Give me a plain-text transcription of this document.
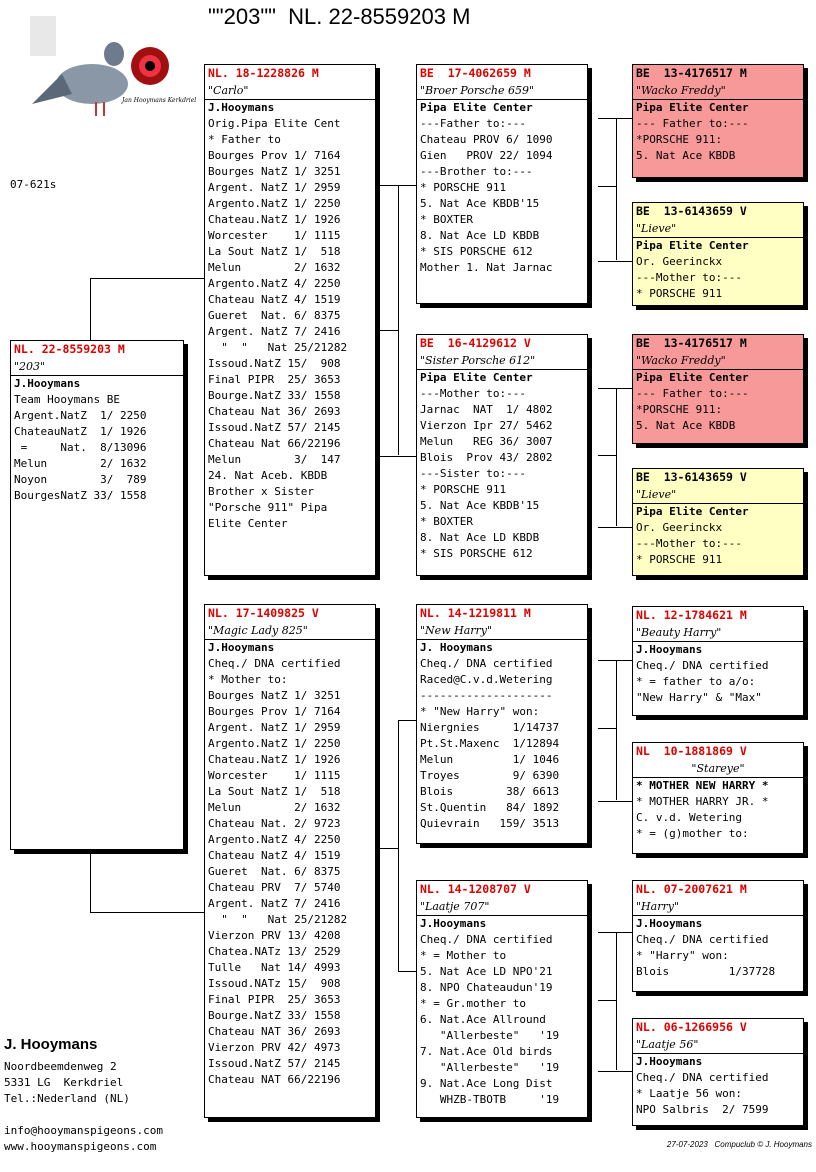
""203""  NL. 22-8559203 M
Jan Hooymans Kerkdriel
07-621s
NL. 22-8559203 M
"203"
J.Hooymans
Team Hooymans BE
Argent.NatZ  1/ 2250
ChateauNatZ  1/ 1926
=     Nat.  8/13096
Melun        2/ 1632
Noyon        3/  789
BourgesNatZ 33/ 1558
NL. 18-1228826 M
"Carlo"
J.Hooymans
Orig.Pipa Elite Cent
* Father to
Bourges Prov 1/ 7164
Bourges NatZ 1/ 3251
Argent. NatZ 1/ 2959
Argento.NatZ 1/ 2250
Chateau.NatZ 1/ 1926
Worcester    1/ 1115
La Sout NatZ 1/  518
Melun        2/ 1632
Argento.NatZ 4/ 2250
Chateau NatZ 4/ 1519
Gueret  Nat. 6/ 8375
Argent. NatZ 7/ 2416
"  "   Nat 25/21282
Issoud.NatZ 15/  908
Final PIPR  25/ 3653
Bourge.NatZ 33/ 1558
Chateau Nat 36/ 2693
Issoud.NatZ 57/ 2145
Chateau Nat 66/22196
Melun        3/  147
24. Nat Aceb. KBDB
Brother x Sister
"Porsche 911" Pipa
Elite Center
NL. 17-1409825 V
"Magic Lady 825"
J.Hooymans
Cheq./ DNA certified
* Mother to:
Bourges NatZ 1/ 3251
Bourges Prov 1/ 7164
Argent. NatZ 1/ 2959
Argento.NatZ 1/ 2250
Chateau.NatZ 1/ 1926
Worcester    1/ 1115
La Sout NatZ 1/  518
Melun        2/ 1632
Chateau Nat. 2/ 9723
Argento.NatZ 4/ 2250
Chateau NatZ 4/ 1519
Gueret  Nat. 6/ 8375
Chateau PRV  7/ 5740
Argent. NatZ 7/ 2416
"  "   Nat 25/21282
Vierzon PRV 13/ 4208
Chatea.NATz 13/ 2529
Tulle   Nat 14/ 4993
Issoud.NATz 15/  908
Final PIPR  25/ 3653
Bourge.NatZ 33/ 1558
Chateau NAT 36/ 2693
Vierzon PRV 42/ 4973
Issoud.NatZ 57/ 2145
Chateau NAT 66/22196
BE  17-4062659 M
"Broer Porsche 659"
Pipa Elite Center
---Father to:---
Chateau PROV 6/ 1090
Gien   PROV 22/ 1094
---Brother to:---
* PORSCHE 911
5. Nat Ace KBDB'15
* BOXTER
8. Nat Ace LD KBDB
* SIS PORSCHE 612
Mother 1. Nat Jarnac
BE  16-4129612 V
"Sister Porsche 612"
Pipa Elite Center
---Mother to:---
Jarnac  NAT  1/ 4802
Vierzon Ipr 27/ 5462
Melun   REG 36/ 3007
Blois  Prov 43/ 2802
---Sister to:---
* PORSCHE 911
5. Nat Ace KBDB'15
* BOXTER
8. Nat Ace LD KBDB
* SIS PORSCHE 612
NL. 14-1219811 M
"New Harry"
J. Hooymans
Cheq./ DNA certified
Raced@C.v.d.Wetering
--------------------
* "New Harry" won:
Niergnies     1/14737
Pt.St.Maxenc  1/12894
Melun         1/ 1046
Troyes        9/ 6390
Blois        38/ 6613
St.Quentin   84/ 1892
Quievrain   159/ 3513
NL. 14-1208707 V
"Laatje 707"
J.Hooymans
Cheq./ DNA certified
* = Mother to
5. Nat Ace LD NPO'21
8. NPO Chateaudun'19
* = Gr.mother to
6. Nat.Ace Allround
"Allerbeste"   '19
7. Nat.Ace Old birds
"Allerbeste"   '19
9. Nat.Ace Long Dist
WHZB-TBOTB     '19
BE  13-4176517 M
"Wacko Freddy"
Pipa Elite Center
--- Father to:---
*PORSCHE 911:
5. Nat Ace KBDB
BE  13-6143659 V
"Lieve"
Pipa Elite Center
Or. Geerinckx
---Mother to:---
* PORSCHE 911
BE  13-4176517 M
"Wacko Freddy"
Pipa Elite Center
--- Father to:---
*PORSCHE 911:
5. Nat Ace KBDB
BE  13-6143659 V
"Lieve"
Pipa Elite Center
Or. Geerinckx
---Mother to:---
* PORSCHE 911
NL. 12-1784621 M
"Beauty Harry"
J.Hooymans
Cheq./ DNA certified
* = father to a/o:
"New Harry" & "Max"
NL  10-1881869 V
"Stareye"
* MOTHER NEW HARRY *
* MOTHER HARRY JR. *
C. v.d. Wetering
* = (g)mother to:
NL. 07-2007621 M
"Harry"
J.Hooymans
Cheq./ DNA certified
* "Harry" won:
Blois         1/37728
NL. 06-1266956 V
"Laatje 56"
J.Hooymans
Cheq./ DNA certified
* Laatje 56 won:
NPO Salbris  2/ 7599
J. Hooymans
Noordbeemdenweg 2
5331 LG  Kerkdriel
Tel.:Nederland (NL)
info@hooymanspigeons.com
www.hooymanspigeons.com	27-07-2023   Compuclub © J. Hooymans
